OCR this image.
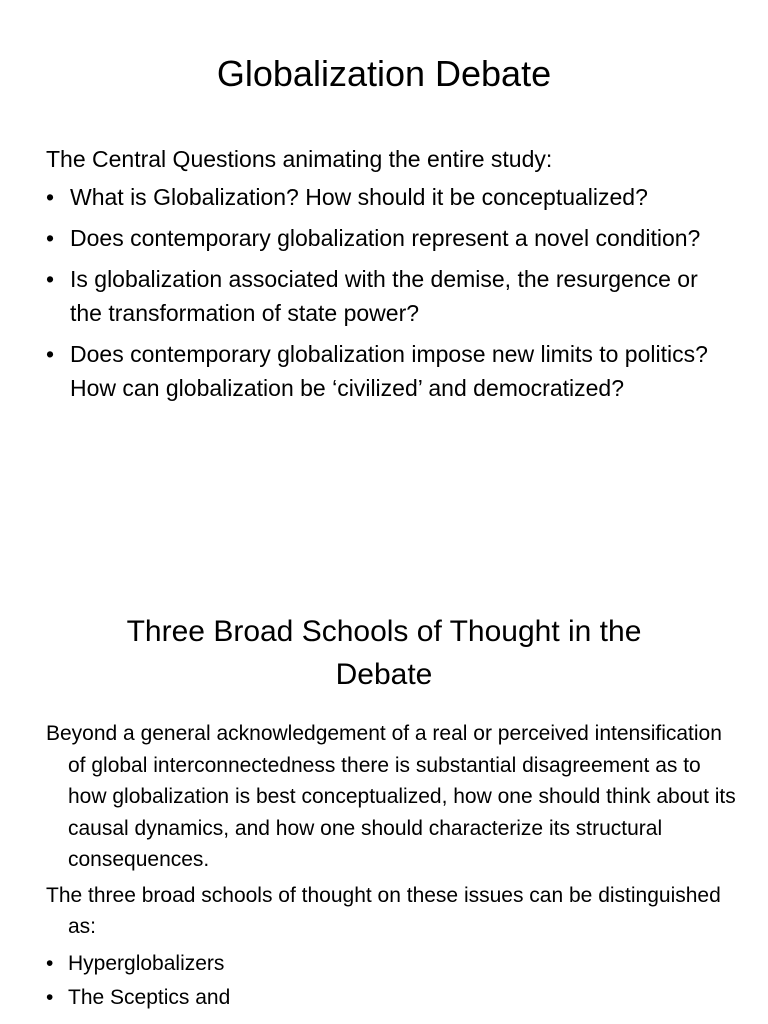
Globalization Debate

The Central Questions animating the entire study:

• What is Globalization? How should it be conceptualized?
• Does contemporary globalization represent a novel condition?
• Is globalization associated with the demise, the resurgence or the transformation of state power?
• Does contemporary globalization impose new limits to politics? How can globalization be ‘civilized’ and democratized?
Three Broad Schools of Thought in the Debate

Beyond a general acknowledgement of a real or perceived intensification of global interconnectedness there is substantial disagreement as to how globalization is best conceptualized, how one should think about its causal dynamics, and how one should characterize its structural consequences.

The three broad schools of thought on these issues can be distinguished as:

• Hyperglobalizers
• The Sceptics and
